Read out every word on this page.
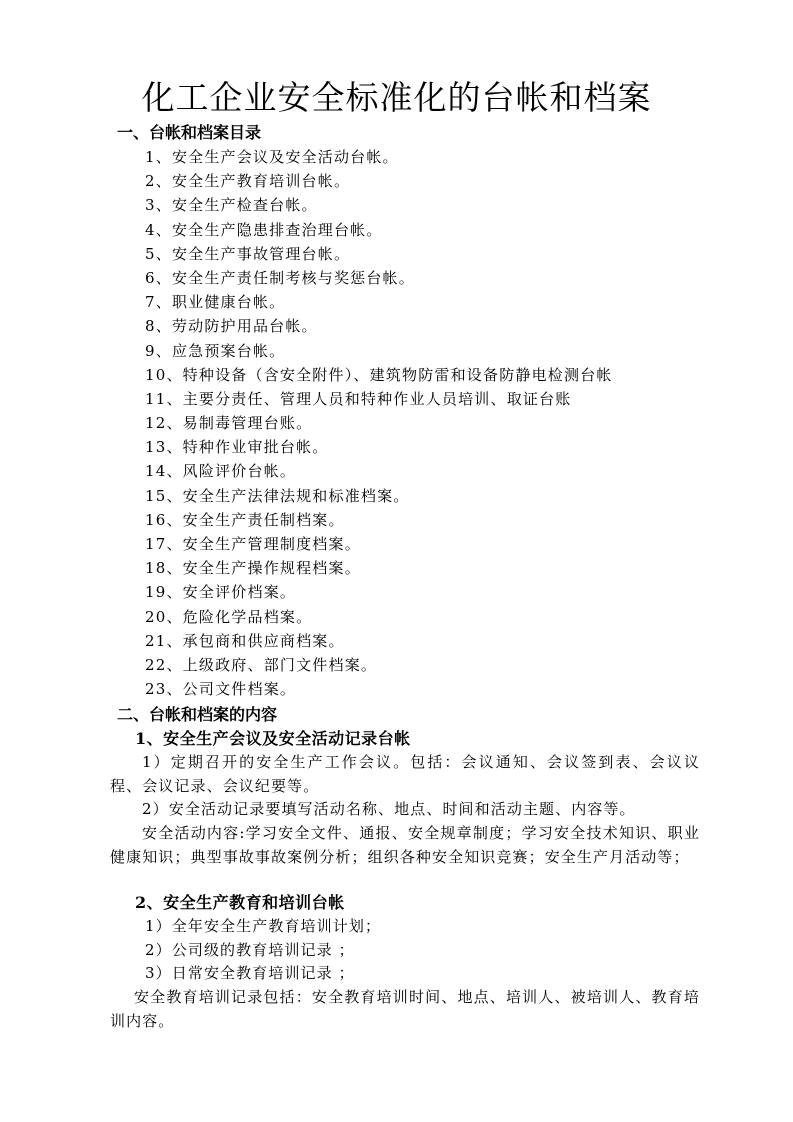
化工企业安全标准化的台帐和档案

一、台帐和档案目录

1、安全生产会议及安全活动台帐。
2、安全生产教育培训台帐。
3、安全生产检查台帐。
4、安全生产隐患排查治理台帐。
5、安全生产事故管理台帐。
6、安全生产责任制考核与奖惩台帐。
7、职业健康台帐。
8、劳动防护用品台帐。
9、应急预案台帐。
10、特种设备（含安全附件）、建筑物防雷和设备防静电检测台帐
11、主要分责任、管理人员和特种作业人员培训、取证台账
12、易制毒管理台账。
13、特种作业审批台帐。
14、风险评价台帐。
15、安全生产法律法规和标准档案。
16、安全生产责任制档案。
17、安全生产管理制度档案。
18、安全生产操作规程档案。
19、安全评价档案。
20、危险化学品档案。
21、承包商和供应商档案。
22、上级政府、部门文件档案。
23、公司文件档案。

二、台帐和档案的内容

1、安全生产会议及安全活动记录台帐

1）定期召开的安全生产工作会议。包括：会议通知、会议签到表、会议议程、会议记录、会议纪要等。

2）安全活动记录要填写活动名称、地点、时间和活动主题、内容等。

安全活动内容:学习安全文件、通报、安全规章制度；学习安全技术知识、职业健康知识；典型事故事故案例分析；组织各种安全知识竞赛；安全生产月活动等；

2、安全生产教育和培训台帐

1）全年安全生产教育培训计划；

2）公司级的教育培训记录 ；

3）日常安全教育培训记录 ；

安全教育培训记录包括：安全教育培训时间、地点、培训人、被培训人、教育培训内容。
